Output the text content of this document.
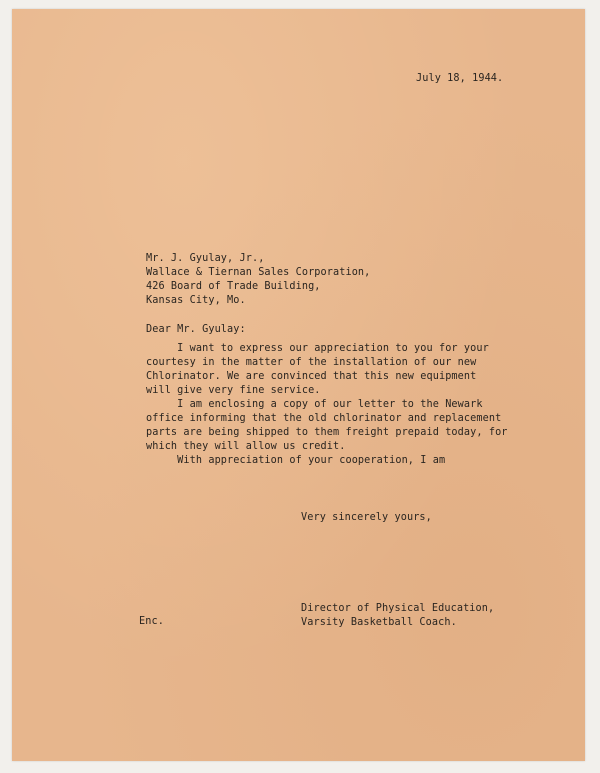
July 18, 1944.
Mr. J. Gyulay, Jr.,
Wallace & Tiernan Sales Corporation,
426 Board of Trade Building,
Kansas City, Mo.
Dear Mr. Gyulay:
I want to express our appreciation to you for your
courtesy in the matter of the installation of our new
Chlorinator. We are convinced that this new equipment
will give very fine service.
I am enclosing a copy of our letter to the Newark
office informing that the old chlorinator and replacement
parts are being shipped to them freight prepaid today, for
which they will allow us credit.
With appreciation of your cooperation, I am
Very sincerely yours,
Director of Physical Education,
Varsity Basketball Coach.
Enc.
